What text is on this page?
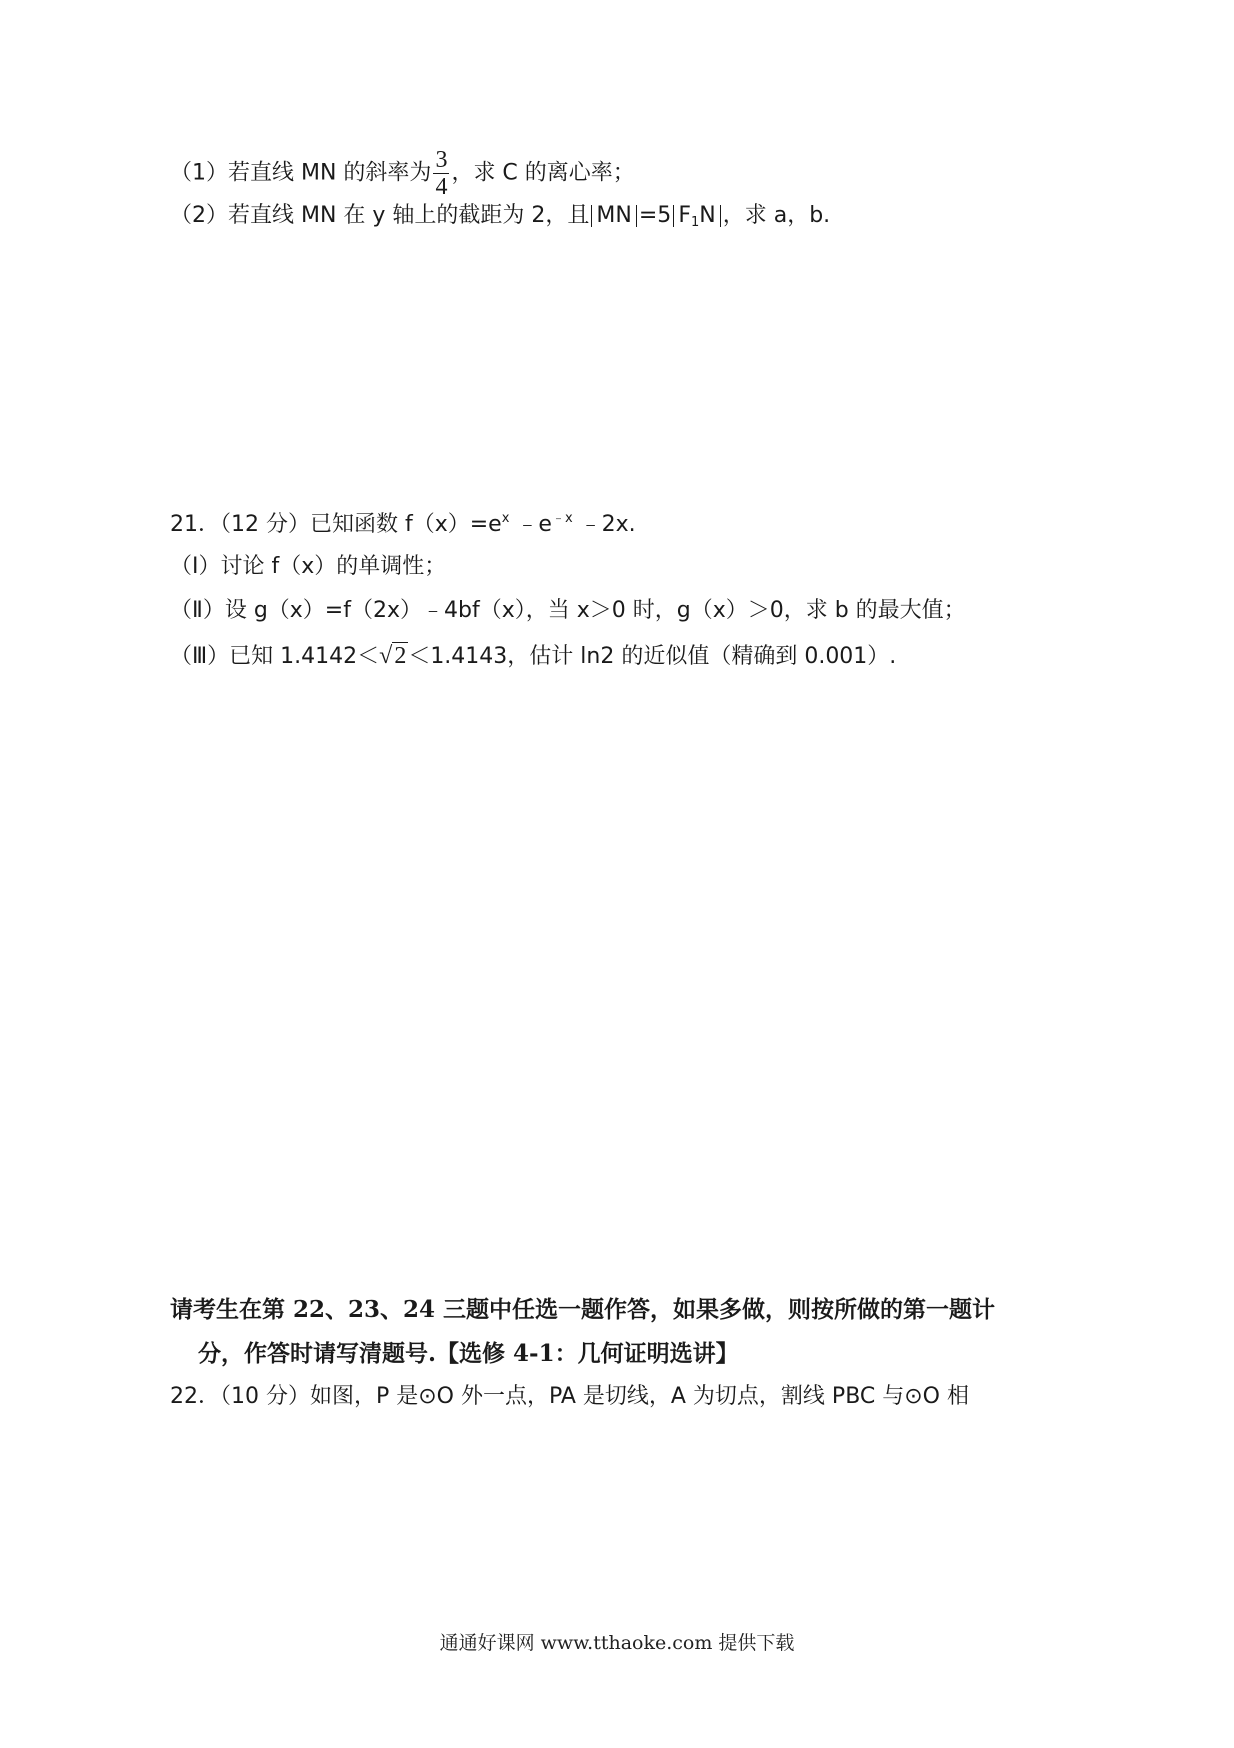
（1）若直线 MN 的斜率为 $\frac{3}{4}$ ，求 C 的离心率；
（2）若直线 MN 在 y 轴上的截距为 2，且 MN =5 $F_1N$ ，求 a，b.
21．（12 分）已知函数 $f(x)=e^x$ $﹣e^{﹣x}$ ﹣2x.
（Ⅰ）讨论 f（x）的单调性；
（Ⅱ）设 g（x）=f（2x）﹣4bf（x），当 x＞0 时，g（x）＞0，求 b 的最大值；
（Ⅲ）已知 1.4142＜√2＜1.4143，估计 ln2 的近似值（精确到 0.001）.
请考生在第 22、23、24 三题中任选一题作答，如果多做，则按所做的第一题计
分，作答时请写清题号.【选修 4-1：几何证明选讲】
22．（10 分）如图，P 是⊙O 外一点，PA 是切线，A 为切点，割线 PBC 与⊙O 相
通通好课网 www.tthaoke.com 提供下载
